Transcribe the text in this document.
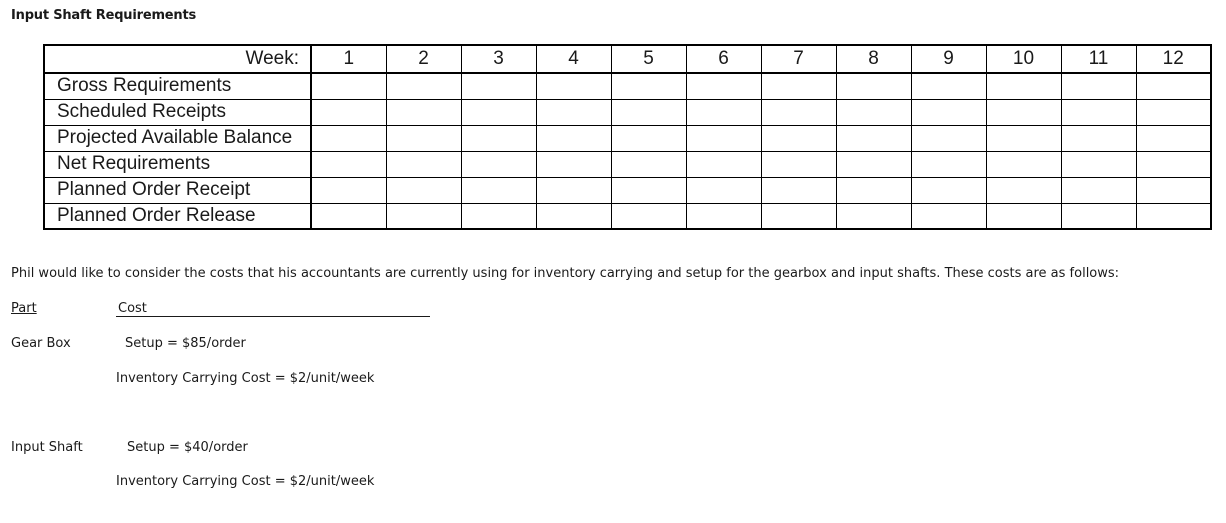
Input Shaft Requirements
Week:	1	2	3	4	5	6	7	8	9	10	11	12
Gross Requirements												
Scheduled Receipts												
Projected Available Balance												
Net Requirements												
Planned Order Receipt												
Planned Order Release												
Phil would like to consider the costs that his accountants are currently using for inventory carrying and setup for the gearbox and input shafts. These costs are as follows:
Part	Cost
Gear Box	Setup = $85/order
Inventory Carrying Cost = $2/unit/week
Input Shaft	Setup = $40/order
Inventory Carrying Cost = $2/unit/week
